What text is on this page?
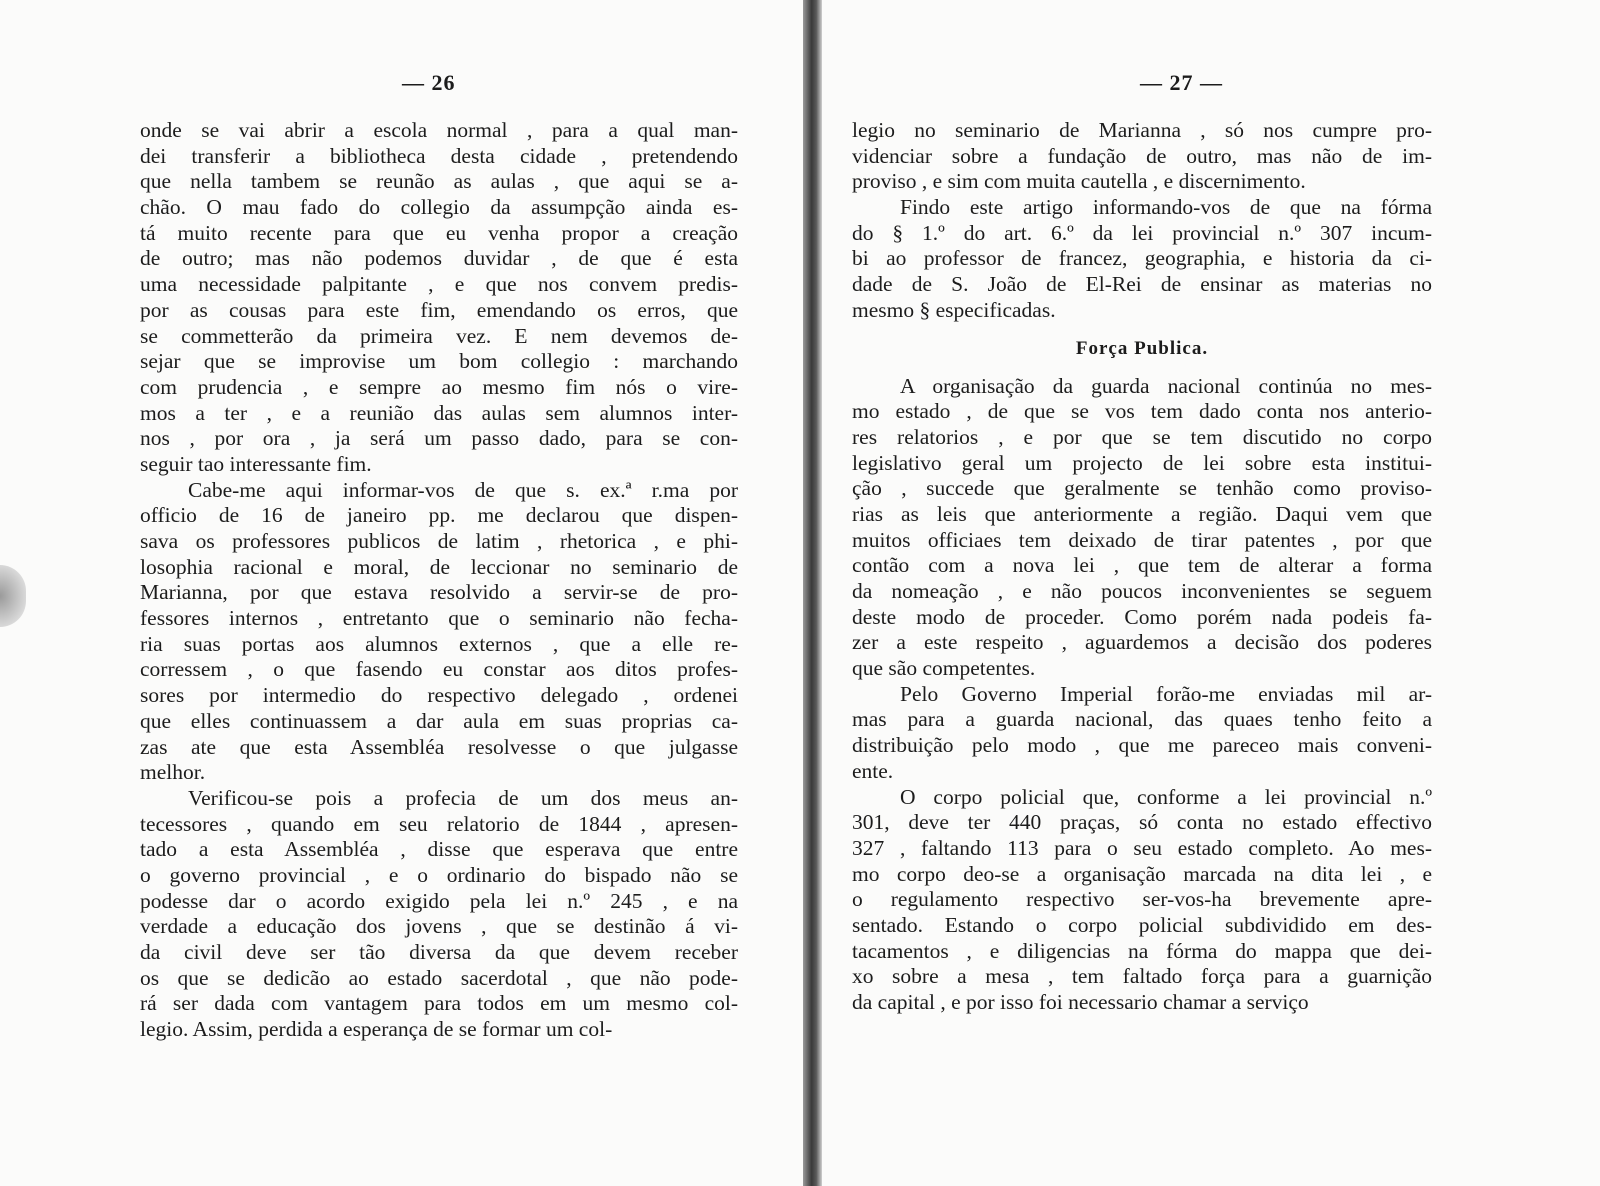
— 26	— 27 —
onde se vai abrir a escola normal , para a qual man-
dei transferir a bibliotheca desta cidade , pretendendo
que nella tambem se reunão as aulas , que aqui se a-
chão. O mau fado do collegio da assumpção ainda es-
tá muito recente para que eu venha propor a creação
de outro; mas não podemos duvidar , de que é esta
uma necessidade palpitante , e que nos convem predis-
por as cousas para este fim, emendando os erros, que
se commetterão da primeira vez. E nem devemos de-
sejar que se improvise um bom collegio : marchando
com prudencia , e sempre ao mesmo fim nós o vire-
mos a ter , e a reunião das aulas sem alumnos inter-
nos , por ora , ja será um passo dado, para se con-
seguir tao interessante fim.
Cabe-me aqui informar-vos de que s. ex.ª r.ma por
officio de 16 de janeiro pp. me declarou que dispen-
sava os professores publicos de latim , rhetorica , e phi-
losophia racional e moral, de leccionar no seminario de
Marianna, por que estava resolvido a servir-se de pro-
fessores internos , entretanto que o seminario não fecha-
ria suas portas aos alumnos externos , que a elle re-
corressem , o que fasendo eu constar aos ditos profes-
sores por intermedio do respectivo delegado , ordenei
que elles continuassem a dar aula em suas proprias ca-
zas ate que esta Assembléa resolvesse o que julgasse
melhor.
Verificou-se pois a profecia de um dos meus an-
tecessores , quando em seu relatorio de 1844 , apresen-
tado a esta Assembléa , disse que esperava que entre
o governo provincial , e o ordinario do bispado não se
podesse dar o acordo exigido pela lei n.º 245 , e na
verdade a educação dos jovens , que se destinão á vi-
da civil deve ser tão diversa da que devem receber
os que se dedicão ao estado sacerdotal , que não pode-
rá ser dada com vantagem para todos em um mesmo col-
legio. Assim, perdida a esperança de se formar um col-
legio no seminario de Marianna , só nos cumpre pro-
videnciar sobre a fundação de outro, mas não de im-
proviso , e sim com muita cautella , e discernimento.
Findo este artigo informando-vos de que na fórma
do § 1.º do art. 6.º da lei provincial n.º 307 incum-
bi ao professor de francez, geographia, e historia da ci-
dade de S. João de El-Rei de ensinar as materias no
mesmo § especificadas.
Força Publica.
A organisação da guarda nacional continúa no mes-
mo estado , de que se vos tem dado conta nos anterio-
res relatorios , e por que se tem discutido no corpo
legislativo geral um projecto de lei sobre esta institui-
ção , succede que geralmente se tenhão como proviso-
rias as leis que anteriormente a região. Daqui vem que
muitos officiaes tem deixado de tirar patentes , por que
contão com a nova lei , que tem de alterar a forma
da nomeação , e não poucos inconvenientes se seguem
deste modo de proceder. Como porém nada podeis fa-
zer a este respeito , aguardemos a decisão dos poderes
que são competentes.
Pelo Governo Imperial forão-me enviadas mil ar-
mas para a guarda nacional, das quaes tenho feito a
distribuição pelo modo , que me pareceo mais conveni-
ente.
O corpo policial que, conforme a lei provincial n.º
301, deve ter 440 praças, só conta no estado effectivo
327 , faltando 113 para o seu estado completo. Ao mes-
mo corpo deo-se a organisação marcada na dita lei , e
o regulamento respectivo ser-vos-ha brevemente apre-
sentado. Estando o corpo policial subdividido em des-
tacamentos , e diligencias na fórma do mappa que dei-
xo sobre a mesa , tem faltado força para a guarnição
da capital , e por isso foi necessario chamar a serviço
